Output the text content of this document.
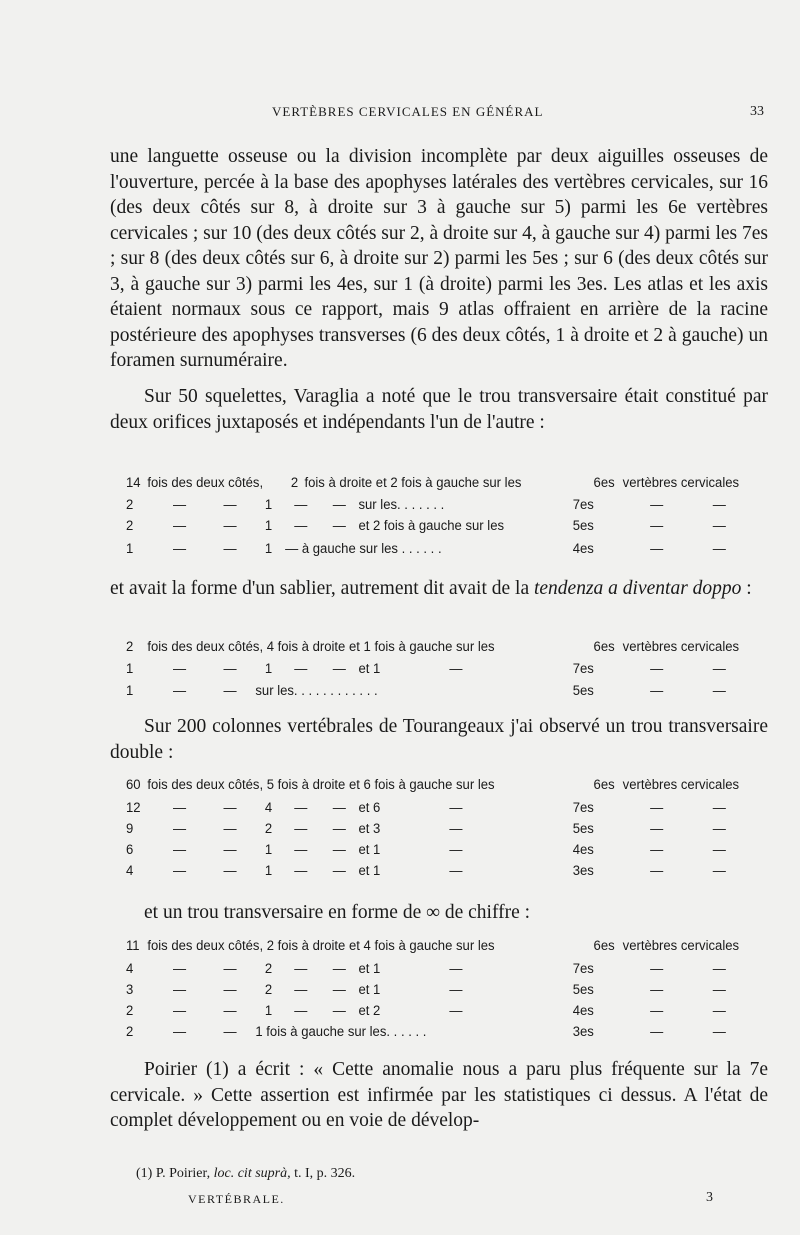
VERTÈBRES CERVICALES EN GÉNÉRAL	33

une languette osseuse ou la division incomplète par deux aiguilles osseuses de l'ouverture, percée à la base des apophyses latérales des vertèbres cervicales, sur 16 (des deux côtés sur 8, à droite sur 3 à gauche sur 5) parmi les 6e vertèbres cervicales ; sur 10 (des deux côtés sur 2, à droite sur 4, à gauche sur 4) parmi les 7es ; sur 8 (des deux côtés sur 6, à droite sur 2) parmi les 5es ; sur 6 (des deux côtés sur 3, à gauche sur 3) parmi les 4es, sur 1 (à droite) parmi les 3es. Les atlas et les axis étaient normaux sous ce rapport, mais 9 atlas offraient en arrière de la racine postérieure des apophyses transverses (6 des deux côtés, 1 à droite et 2 à gauche) un foramen surnuméraire.

Sur 50 squelettes, Varaglia a noté que le trou transversaire était constitué par deux orifices juxtaposés et indépendants l'un de l'autre :

14	fois des deux côtés,	2	fois à droite et 2 fois à gauche sur les	6es	vertèbres cervicales
2	—	—	1	—	—	sur les. . . . . . .	7es	—	—
2	—	—	1	—	—	et 2 fois à gauche sur les	5es	—	—
1	—	—	1	—	à gauche sur les . . . . . .	4es	—	—

et avait la forme d'un sablier, autrement dit avait de la tendenza a diventar doppo :

2	fois des deux côtés, 4 fois à droite et 1 fois à gauche sur les	6es	vertèbres cervicales
1	—	—	1	—	—	et 1	—	7es	—	—
1	—	—	sur les. . . . . . . . . . . .	5es	—	—

Sur 200 colonnes vertébrales de Tourangeaux j'ai observé un trou transversaire double :

60	fois des deux côtés, 5 fois à droite et 6 fois à gauche sur les	6es	vertèbres cervicales
12	—	—	4	—	—	et 6	—	7es	—	—
9	—	—	2	—	—	et 3	—	5es	—	—
6	—	—	1	—	—	et 1	—	4es	—	—
4	—	—	1	—	—	et 1	—	3es	—	—

et un trou transversaire en forme de ∞ de chiffre :

11	fois des deux côtés, 2 fois à droite et 4 fois à gauche sur les	6es	vertèbres cervicales
4	—	—	2	—	—	et 1	—	7es	—	—
3	—	—	2	—	—	et 1	—	5es	—	—
2	—	—	1	—	—	et 2	—	4es	—	—
2	—	—	1 fois à gauche sur les. . . . . .	3es	—	—

Poirier (1) a écrit : « Cette anomalie nous a paru plus fréquente sur la 7e cervicale. » Cette assertion est infirmée par les statistiques ci dessus. A l'état de complet développement ou en voie de dévelop-

(1) P. Poirier, loc. cit suprà, t. I, p. 326.
VERTÉBRALE.	3
